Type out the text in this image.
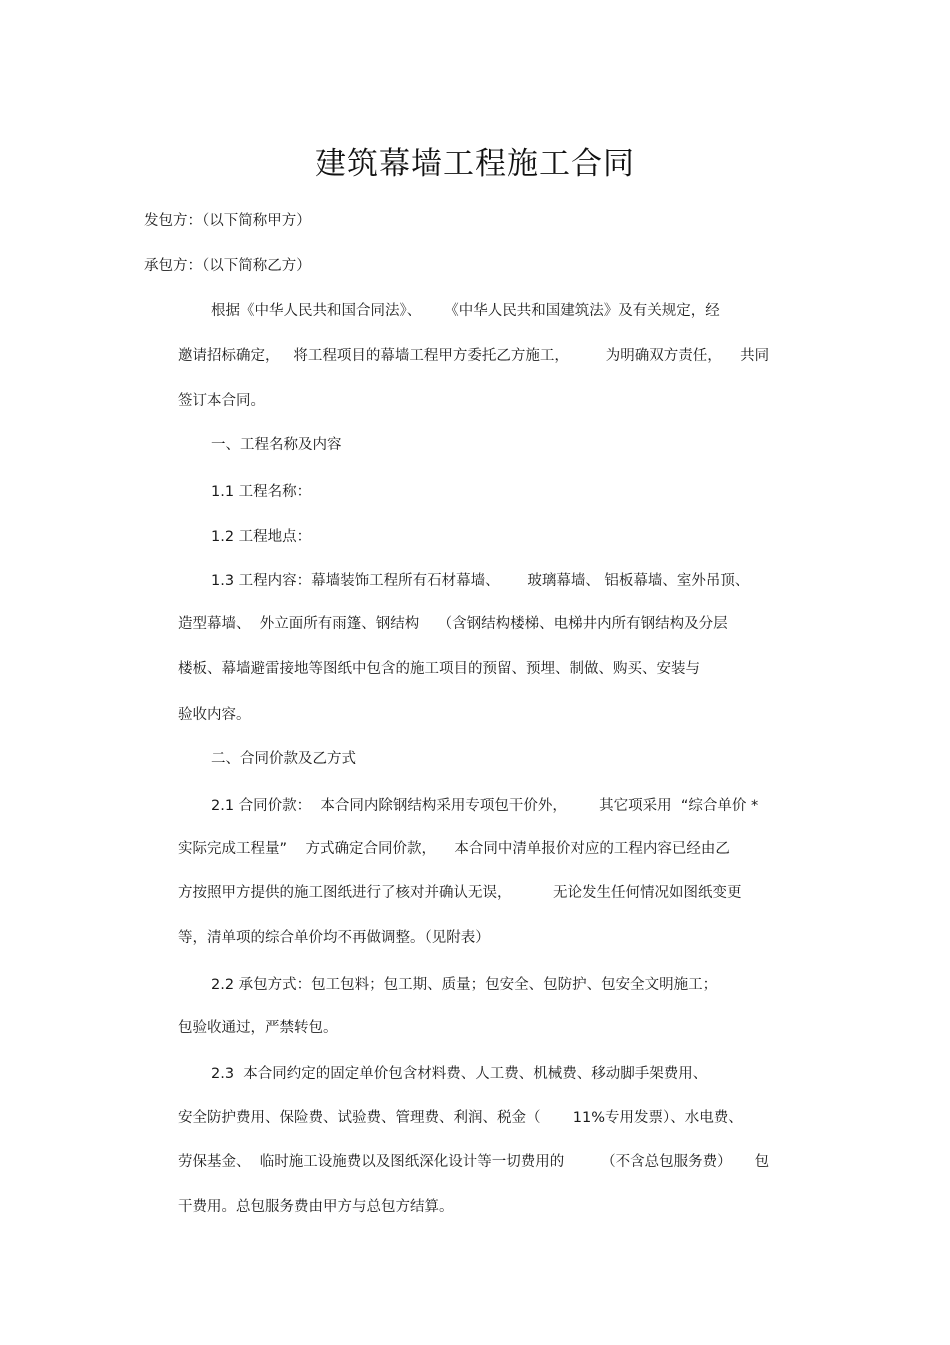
建筑幕墙工程施工合同
发包方：（以下简称甲方）
承包方：（以下简称乙方）
根据《中华人民共和国合同法》、     《中华人民共和国建筑法》及有关规定，经
邀请招标确定，   将工程项目的幕墙工程甲方委托乙方施工，        为明确双方责任，    共同
签订本合同。
一、工程名称及内容
1.1 工程名称：
1.2 工程地点：
1.3 工程内容：幕墙装饰工程所有石材幕墙、      玻璃幕墙、 铝板幕墙、室外吊顶、
造型幕墙、  外立面所有雨篷、钢结构    （含钢结构楼梯、电梯井内所有钢结构及分层
楼板、幕墙避雷接地等图纸中包含的施工项目的预留、预埋、制做、购买、安装与
验收内容。
二、合同价款及乙方式
2.1 合同价款：  本合同内除钢结构采用专项包干价外，       其它项采用  “综合单价 *
实际完成工程量”    方式确定合同价款，    本合同中清单报价对应的工程内容已经由乙
方按照甲方提供的施工图纸进行了核对并确认无误，         无论发生任何情况如图纸变更
等，清单项的综合单价均不再做调整。（见附表）
2.2 承包方式：包工包料；包工期、质量；包安全、包防护、包安全文明施工；
包验收通过，严禁转包。
2.3  本合同约定的固定单价包含材料费、人工费、机械费、移动脚手架费用、
安全防护费用、保险费、试验费、管理费、利润、税金（       11%专用发票）、水电费、
劳保基金、  临时施工设施费以及图纸深化设计等一切费用的        （不含总包服务费）     包
干费用。总包服务费由甲方与总包方结算。
